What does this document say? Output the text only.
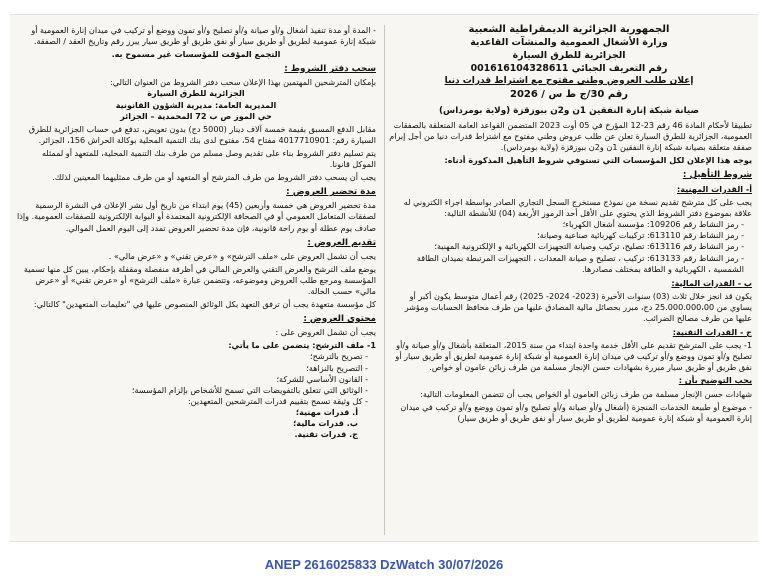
الجمهورية الجزائرية الديمقراطية الشعبية
وزارة الأشغال العمومية والمنشآت القاعدية
الجزائرية للطرق السيارة
رقم التعريف الجبائي 001616104328611
إعلان طلب العروض وطني مفتوح مع اشتراط قدرات دنيا
رقم 30/ج ط س / 2026
صيانة شبكة إنارة النفقين 1ن و2ن ببوزقزة (ولاية بومرداس)
تطبيقا لأحكام المادة 46 رقم 23-12 المؤرخ في 05 أوت 2023 المتضمن القواعد العامة المتعلقة بالصفقات العمومية، الجزائرية للطرق السيارة تعلن عن طلب عروض وطني مفتوح مع اشتراط قدرات دنيا من أجل إبرام صفقة متعلقة بصيانة شبكة إنارة النفقين 1ن و2ن ببوزقزة (ولاية بومرداس).
يوجه هذا الإعلان لكل المؤسسات التي تستوفي شروط التأهيل المذكورة أدناه:
شروط التأهيل :
أ- القدرات المهنية:
يجب على كل مترشح تقديم نسخة من نموذج مستخرج السجل التجاري الصادر بواسطة اجراء الكتروني له علاقة بموضوع دفتر الشروط الذي يحتوي على الأقل أحد الرموز الأربعة (04) للأنشطة التالية:
- رمز النشاط رقم 109206: مؤسسة أشغال الكهرباء؛
- رمز النشاط رقم 613110: تركيبات كهربائية صناعية وصيانة؛
- رمز النشاط رقم 613116: تصليح، تركيب وصيانة التجهيزات الكهربائية و الإلكترونية المهنية؛
- رمز النشاط رقم 613133: تركيب ، تصليح و صيانة المعدات ، التجهيزات المرتبطة بميدان الطاقة الشمسية ، الكهربائية و الطاقة بمختلف مصادرها.
ب - القدرات المالية:
يكون قد انجز خلال ثلاث (03) سنوات الأخيرة (2023- 2024- 2025) رقم أعمال متوسط يكون أكبر أو يساوي من 25.000.000،00 دج، مبرر بحصائل مالية المصادق عليها من طرف محافظ الحسابات ومؤشر عليها من طرف مصالح الضرائب.
ج - القدرات التقنية:
1- يجب على المترشح تقديم على الأقل خدمة واحدة ابتداء من سنة 2015، المتعلقة بأشغال و/أو صيانة و/أو تصليح و/أو تمون ووضع و/أو تركيب في ميدان إنارة العمومية أو شبكة إنارة عمومية لطريق أو طريق سيار أو نفق طريق أو طريق سيار مبررة بشهادات حسن الإنجاز مسلمة من طرف زبائن عامون أو خواص.
يجب التوضيح بأن :
شهادات حسن الإنجاز مسلمة من طرف زبائن العامون أو الخواص يجب أن تتضمن المعلومات التالية:
- موضوع أو طبيعة الخدمات المنجزة (أشغال و/أو صيانة و/أو تصليح و/أو تمون ووضع و/أو تركيب في ميدان إنارة العمومية أو شبكة إنارة عمومية لطريق أو طريق سيار أو نفق طريق أو طريق سيار)
- المدة أو مدة تنفيذ أشغال و/أو صيانة و/أو تصليح و/أو تمون ووضع أو تركيب في ميدان إنارة العمومية أو شبكة إنارة عمومية لطريق أو طريق سيار أو نفق طريق أو طريق سيار يبرز رقم وتاريخ العقد / الصفقة.
التجمع المؤقت للمؤسسات غير مسموح به.
سحب دفتر الشروط :
بإمكان المترشحين المهتمين بهذا الإعلان سحب دفتر الشروط من العنوان التالي:
الجزائرية للطرق السيارة
المديرية العامة: مديرية الشؤون القانونية
حي الموز ص ب 72 المحمدية – الجزائر
مقابل الدفع المسبق بقيمة خمسة آلاف دينار (5000 دج) بدون تعويض، تدفع في حساب الجزائرية للطرق السيارة رقم: 4017710901 مفتاح 54، مفتوح لدى بنك التنمية المحلية بوكالة الحراش 156، الجزائر.
يتم تسليم دفتر الشروط بناء على تقديم وصل مسلم من طرف بنك التنمية المحلية، للمتعهد أو لممثله الموكل قانونا.
يجب أن يسحب دفتر الشروط من طرف المترشح أو المتعهد أو من طرف ممثليهما المعينين لذلك.
مدة تحضير العروض :
مدة تحضير العروض هي خمسة وأربعين (45) يوم ابتداء من تاريخ أول نشر الإعلان في النشرة الرسمية لصفقات المتعامل العمومي أو في الصحافة الإلكترونية المعتمدة أو البوابة الإلكترونية للصفقات العمومية. وإذا صادف يوم عطلة أو يوم راحة قانونية، فإن مدة تحضير العروض تمدد إلى اليوم العمل الموالي.
تقديم العروض :
يجب أن تشمل العروض على «ملف الترشح» و «عرض تقني» و «عرض مالي» .
يوضع ملف الترشح والعرض التقني والعرض المالي في أظرفة منفصلة ومقفلة بإحكام، يبين كل منها تسمية المؤسسة ومرجع طلب العروض وموضوعه، وتتضمن عبارة «ملف الترشح» أو «عرض تقني» أو «عرض مالي» حسب الحالة.
كل مؤسسة متعهدة يجب أن ترفق التعهد بكل الوثائق المنصوص عليها في "تعليمات المتعهدين" كالتالي:
محتوى العروض :
يجب أن تشمل العروض على :
1- ملف الترشح: يتضمن على ما يأتي:
- تصريح بالترشح؛
- التصريح بالنزاهة؛
- القانون الأساسي للشركة؛
- الوثائق التي تتعلق بالتفويضات التي تسمح للأشخاص بإلزام المؤسسة؛
- كل وثيقة تسمح بتقييم قدرات المترشحين المتعهدين:
أ. قدرات مهنية؛
ب. قدرات مالية؛
ج. قدرات تقنية.
ANEP 2616025833 DzWatch 30/07/2026
